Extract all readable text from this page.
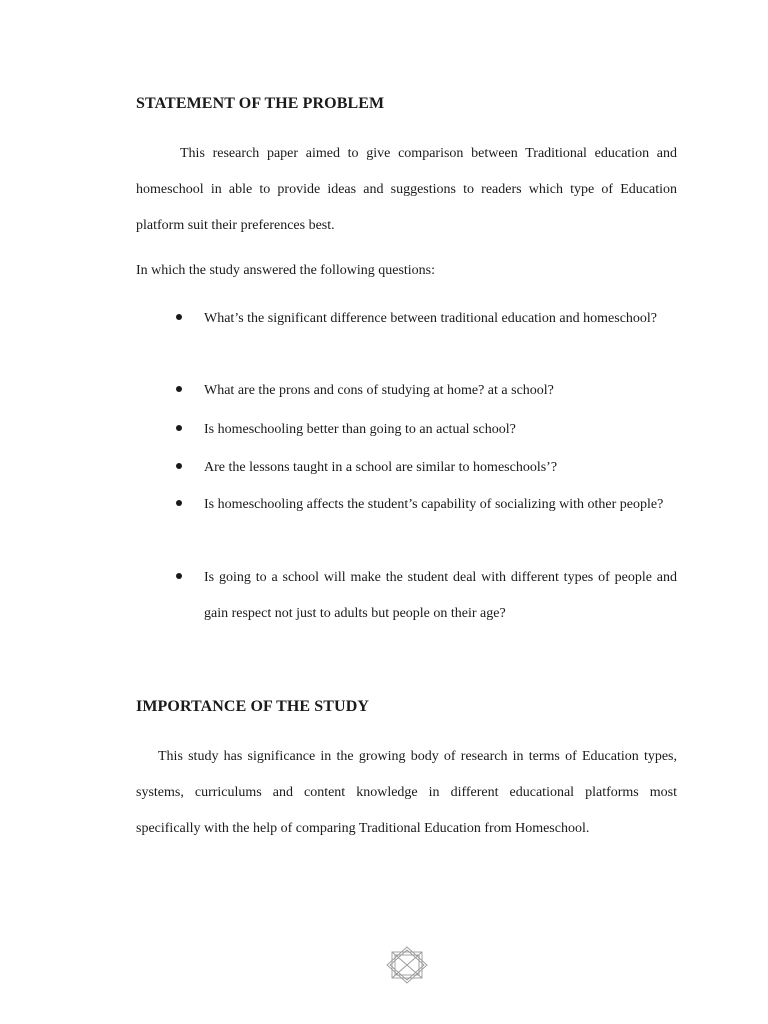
STATEMENT OF THE PROBLEM
This research paper aimed to give comparison between Traditional education and homeschool in able to provide ideas and suggestions to readers which type of Education platform suit their preferences best.
In which the study answered the following questions:
What’s the significant difference between traditional education and homeschool?
What are the prons and cons of studying at home? at a school?
Is homeschooling better than going to an actual school?
Are the lessons taught in a school are similar to homeschools’?
Is homeschooling affects the student’s capability of socializing with other people?
Is going to a school will make the student deal with different types of people and gain respect not just to adults but people on their age?
IMPORTANCE OF THE STUDY
This study has significance in the growing body of research in terms of Education types, systems, curriculums and content knowledge in different educational platforms most specifically with the help of comparing Traditional Education from Homeschool.
